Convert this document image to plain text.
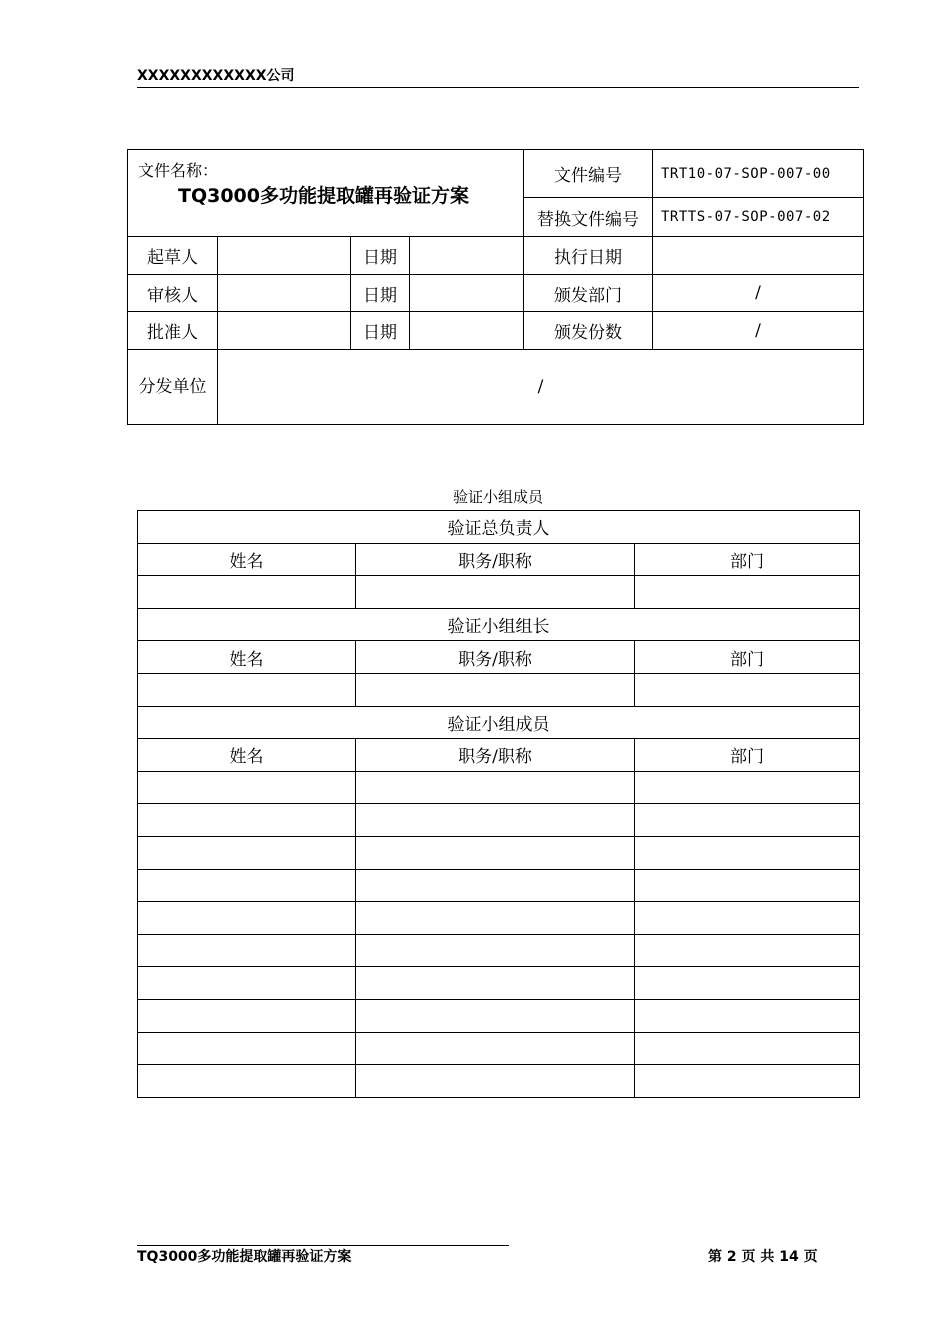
XXXXXXXXXXXX公司
文件名称：
TQ3000多功能提取罐再验证方案				文件编号	TRT10-07-SOP-007-00
				替换文件编号	TRTTS-07-SOP-007-02
起草人		日期		执行日期	
审核人		日期		颁发部门	/
批准人		日期		颁发份数	/
分发单位	/				
验证小组成员
验证总负责人		
姓名	职务/职称	部门

验证小组组长		
姓名	职务/职称	部门

验证小组成员		
姓名	职务/职称	部门

TQ3000多功能提取罐再验证方案	第 2 页 共 14 页
